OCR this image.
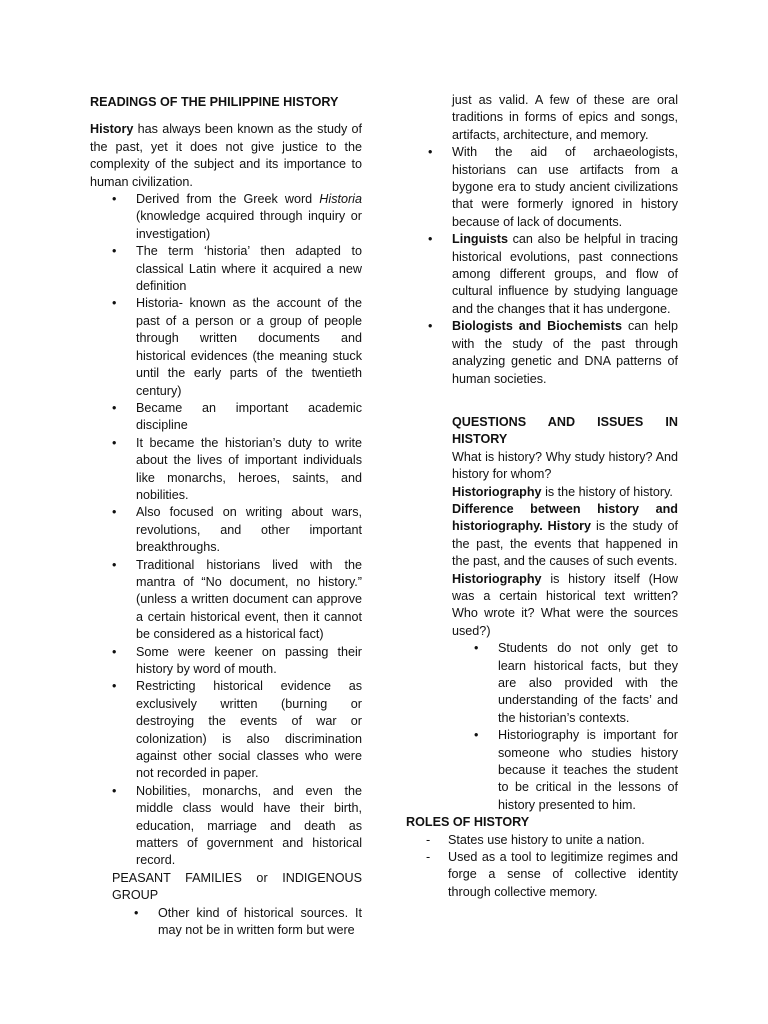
READINGS OF THE PHILIPPINE HISTORY

History has always been known as the study of the past, yet it does not give justice to the complexity of the subject and its importance to human civilization.

• Derived from the Greek word Historia (knowledge acquired through inquiry or investigation)
• The term ‘historia’ then adapted to classical Latin where it acquired a new definition
• Historia- known as the account of the past of a person or a group of people through written documents and historical evidences (the meaning stuck until the early parts of the twentieth century)
• Became an important academic discipline
• It became the historian’s duty to write about the lives of important individuals like monarchs, heroes, saints, and nobilities.
• Also focused on writing about wars, revolutions, and other important breakthroughs.
• Traditional historians lived with the mantra of “No document, no history.” (unless a written document can approve a certain historical event, then it cannot be considered as a historical fact)
• Some were keener on passing their history by word of mouth.
• Restricting historical evidence as exclusively written (burning or destroying the events of war or colonization) is also discrimination against other social classes who were not recorded in paper.
• Nobilities, monarchs, and even the middle class would have their birth, education, marriage and death as matters of government and historical record.

PEASANT FAMILIES or INDIGENOUS GROUP

• Other kind of historical sources. It may not be in written form but were

just as valid. A few of these are oral traditions in forms of epics and songs, artifacts, architecture, and memory.

• With the aid of archaeologists, historians can use artifacts from a bygone era to study ancient civilizations that were formerly ignored in history because of lack of documents.
• Linguists can also be helpful in tracing historical evolutions, past connections among different groups, and flow of cultural influence by studying language and the changes that it has undergone.
• Biologists and Biochemists can help with the study of the past through analyzing genetic and DNA patterns of human societies.

QUESTIONS AND ISSUES IN HISTORY

What is history? Why study history? And history for whom?

Historiography is the history of history.

Difference between history and historiography. History is the study of the past, the events that happened in the past, and the causes of such events.

Historiography is history itself (How was a certain historical text written? Who wrote it? What were the sources used?)

• Students do not only get to learn historical facts, but they are also provided with the understanding of the facts’ and the historian’s contexts.
• Historiography is important for someone who studies history because it teaches the student to be critical in the lessons of history presented to him.

ROLES OF HISTORY

- States use history to unite a nation.
- Used as a tool to legitimize regimes and forge a sense of collective identity through collective memory.
